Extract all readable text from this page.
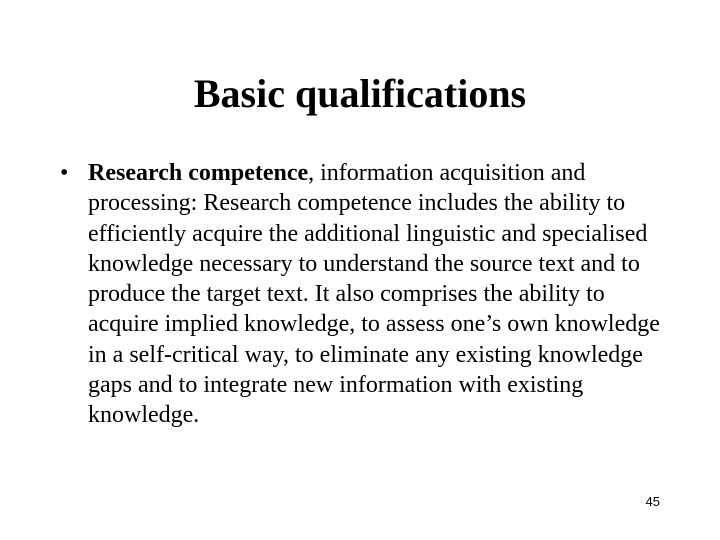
Basic qualifications
• Research competence, information acquisition and processing: Research competence includes the ability to efficiently acquire the additional linguistic and specialised knowledge necessary to understand the source text and to produce the target text. It also comprises the ability to acquire implied knowledge, to assess one’s own knowledge in a self-critical way, to eliminate any existing knowledge gaps and to integrate new information with existing knowledge.
45
